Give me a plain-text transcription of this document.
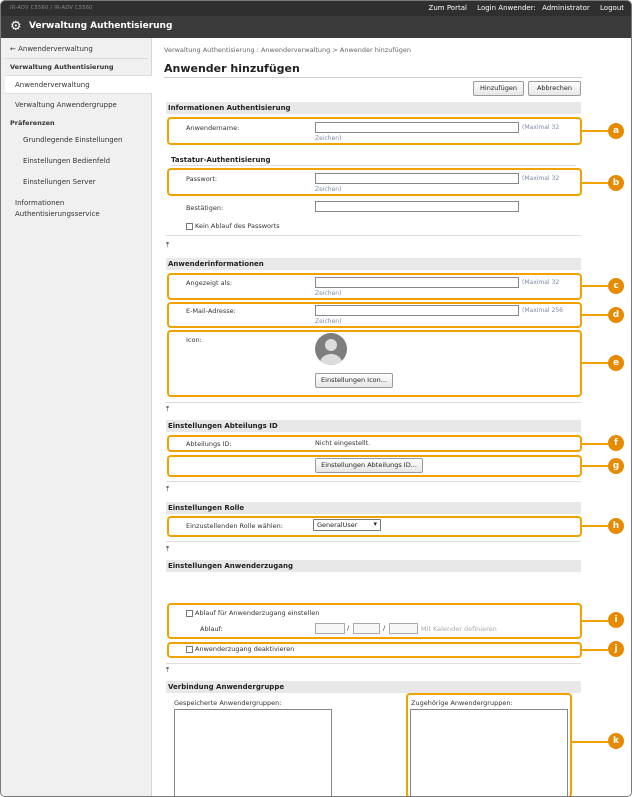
IR-ADV C5560 / IR-ADV C5560	Zum Portal Login Anwender: Administrator Logout
⚙ Verwaltung Authentisierung
← Anwenderverwaltung
Verwaltung Authentisierung
Anwenderverwaltung
Verwaltung Anwendergruppe
Präferenzen
Grundlegende Einstellungen
Einstellungen Bedienfeld
Einstellungen Server
Informationen
Authentisierungsservice
Verwaltung Authentisierung : Anwenderverwaltung > Anwender hinzufügen
Anwender hinzufügen
Hinzufügen	Abbrechen
Informationen Authentisierung
Anwendername:	(Maximal 32
Zeichen)
a
Tastatur-Authentisierung
Passwort:	(Maximal 32
Zeichen)
b
Bestätigen:
Kein Ablauf des Passworts
⤒
Anwenderinformationen
Angezeigt als:	(Maximal 32
Zeichen)
c
E-Mail-Adresse:	(Maximal 256
Zeichen)
d
Icon:
Einstellungen Icon...
e
⤒
Einstellungen Abteilungs ID
Abteilungs ID:	Nicht eingestellt.	f
Einstellungen Abteilungs ID...	g
⤒
Einstellungen Rolle
Einzustellenden Rolle wählen:	GeneralUser ▾	h
⤒
Einstellungen Anwenderzugang
Ablauf für Anwenderzugang einstellen
Ablauf:	/	/	Mit Kalender definieren
i
Anwenderzugang deaktivieren	j
⤒
Verbindung Anwendergruppe
Gespeicherte Anwendergruppen:	Zugehörige Anwendergruppen:
k
